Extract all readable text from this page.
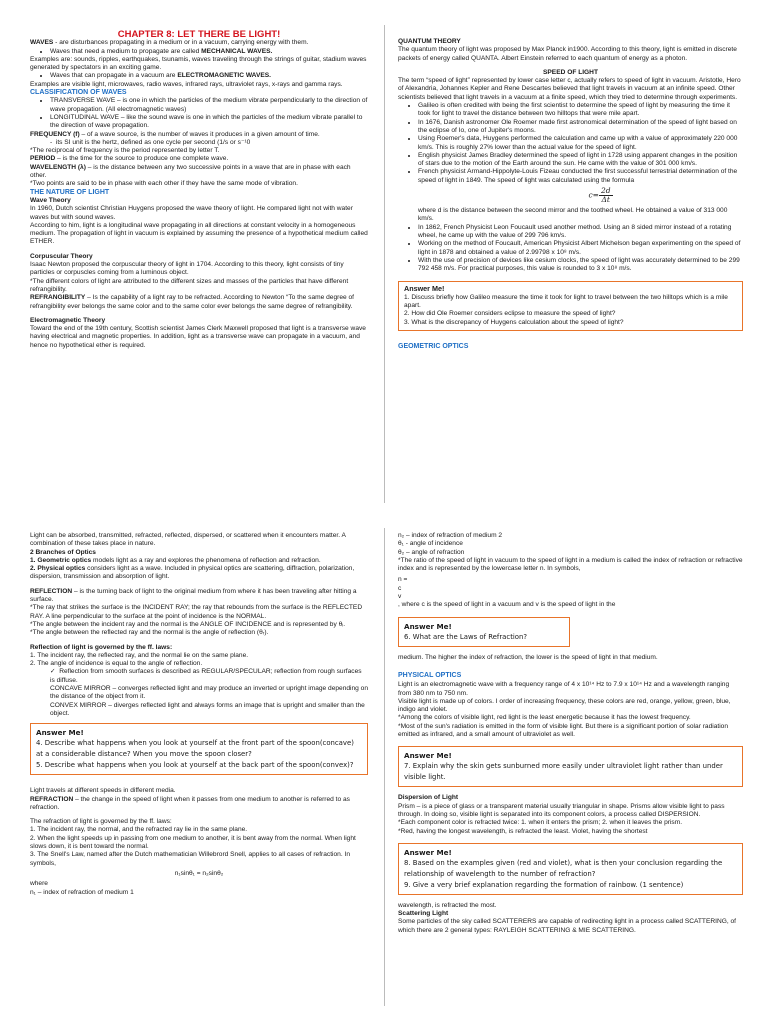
CHAPTER 8: LET THERE BE LIGHT!

WAVES - are disturbances propagating in a medium or in a vacuum, carrying energy with them.

• Waves that need a medium to propagate are called MECHANICAL WAVES.

Examples are: sounds, ripples, earthquakes, tsunamis, waves traveling through the strings of guitar, stadium waves generated by spectators in an exciting game.

• Waves that can propagate in a vacuum are ELECTROMAGNETIC WAVES.

Examples are visible light, microwaves, radio waves, infrared rays, ultraviolet rays, x-rays and gamma rays.

CLASSIFICATION OF WAVES

• TRANSVERSE WAVE – is one in which the particles of the medium vibrate perpendicularly to the direction of wave propagation. (All electromagnetic waves)
• LONGITUDINAL WAVE – like the sound wave is one in which the particles of the medium vibrate parallel to the direction of wave propagation.

FREQUENCY (f) – of a wave source, is the number of waves it produces in a given amount of time.

-  its SI unit is the hertz, defined as one cycle per second (1/s or s⁻¹0

*The reciprocal of frequency is the period represented by letter T.

PERIOD – is the time for the source to produce one complete wave.

WAVELENGTH (λ) – is the distance between any two successive points in a wave that are in phase with each other.

*Two points are said to be in phase with each other if they have the same mode of vibration.

THE NATURE OF LIGHT

Wave Theory

In 1960, Dutch scientist Christian Huygens proposed the wave theory of light. He compared light not with water waves but with sound waves.

According to him, light is a longitudinal wave propagating in all directions at constant velocity in a homogeneous medium. The propagation of light in vacuum is explained by assuming the presence of a hypothetical medium called ETHER.

Corpuscular Theory

Isaac Newton proposed the corpuscular theory of light in 1704. According to this theory, light consists of tiny particles or corpuscles coming from a luminous object.

*The different colors of light are attributed to the different sizes and masses of the particles that have different refrangibility.

REFRANGIBILITY – Is the capability of a light ray to be refracted. According to Newton “To the same degree of refrangibility ever belongs the same color and to the same color ever belongs the same degree of refrangibility.

Electromagnetic Theory

Toward the end of the 19th century, Scottish scientist James Clerk Maxwell proposed that light is a transverse wave having electrical and magnetic properties. In addition, light as a transverse wave can propagate in a vacuum, and hence no hypothetical ether is required.

QUANTUM THEORY

The quantum theory of light was proposed by Max Planck in1900. According to this theory, light is emitted in discrete packets of energy called QUANTA. Albert Einstein referred to each quantum of energy as a photon.

SPEED OF LIGHT

The term “speed of light” represented by lower case letter c, actually refers to speed of light in vacuum. Aristotle, Hero of Alexandria, Johannes Kepler and Rene Descartes believed that light travels in vacuum at an infinite speed. Other scientists believed that light travels in a vacuum at a finite speed, which they tried to determine through experiments.

• Galileo is often credited with being the first scientist to determine the speed of light by measuring the time it took for light to travel the distance between two hilltops that were mile apart.
• In 1676, Danish astronomer Ole Roemer made first astronomical determination of the speed of light based on the eclipse of Io, one of Jupiter's moons.
• Using Roemer's data, Huygens performed the calculation and came up with a value of approximately 220 000 km/s. This is roughly 27% lower than the actual value for the speed of light.
• English physicist James Bradley determined the speed of light in 1728 using apparent changes in the position of stars due to the motion of the Earth around the sun. He came with the value of 301 000 km/s.
• French physicist Armand-Hippolyte-Louis Fizeau conducted the first successful terrestrial determination of the speed of light in 1849. The speed of light was calculated using the formula
$c= \frac{2d}{\Delta t}$
where d is the distance between the second mirror and the toothed wheel. He obtained a value of 313 000 km/s.
• In 1862, French Physicist Leon Foucault used another method. Using an 8 sided mirror instead of a rotating wheel, he came up with the value of 299 796 km/s.
• Working on the method of Foucault, American Physicist Albert Michelson began experimenting on the speed of light in 1878 and obtained a value of 2.99798 x 10⁸ m/s.
• With the use of precision of devices like cesium clocks, the speed of light was accurately determined to be 299 792 458 m/s. For practical purposes, this value is rounded to 3 x 10⁸ m/s.

Answer Me!

1. Discuss briefly how Galileo measure the time it took for light to travel between the two hilltops which is a mile apart.

2. How did Ole Roemer considers eclipse to measure the speed of light?

3. What is the discrepancy of Huygens calculation about the speed of light?

GEOMETRIC OPTICS

Light can be absorbed, transmitted, refracted, reflected, dispersed, or scattered when it encounters matter. A combination of these takes place in nature.

2 Branches of Optics

1. Geometric optics models light as a ray and explores the phenomena of reflection and refraction.

2. Physical optics considers light as a wave. Included in physical optics are scattering, diffraction, polarization, dispersion, transmission and absorption of light.

REFLECTION – is the turning back of light to the original medium from where it has been traveling after hitting a surface.

*The ray that strikes the surface is the INCIDENT RAY; the ray that rebounds from the surface is the REFLECTED RAY. A line perpendicular to the surface at the point of incidence is the NORMAL.

*The angle between the incident ray and the normal is the ANGLE OF INCIDENCE and is represented by θᵢ.

*The angle between the reflected ray and the normal is the angle of reflection (θᵣ).

Reflection of light is governed by the ff. laws:

1. The incident ray, the reflected ray, and the normal lie on the same plane.

2. The angle of incidence is equal to the angle of reflection.

✓ Reflection from smooth surfaces is described as REGULAR/SPECULAR; reflection from rough surfaces is diffuse.

CONCAVE MIRROR – converges reflected light and may produce an inverted or upright image depending on the distance of the object from it.

CONVEX MIRROR – diverges reflected light and always forms an image that is upright and smaller than the object.

Answer Me!

4. Describe what happens when you look at yourself at the front part of the spoon(concave) at a considerable distance? When you move the spoon closer?

5. Describe what happens when you look at yourself at the back part of the spoon(convex)?

Light travels at different speeds in different media.

REFRACTION – the change in the speed of light when it passes from one medium to another is referred to as refraction.

The refraction of light is governed by the ff. laws:

1. The incident ray, the normal, and the refracted ray lie in the same plane.

2. When the light speeds up in passing from one medium to another, it is bent away from the normal. When light slows down, it is bent toward the normal.

3. The Snell's Law, named after the Dutch mathematician Willebrord Snell, applies to all cases of refraction. In symbols,

n₁sinθ₁ = n₂sinθ₂

where

n₁ – index of refraction of medium 1

n₂ – index of refraction of medium 2

θ₁ - angle of incidence

θ₂ – angle of refraction

*The ratio of the speed of light in vacuum to the speed of light in a medium is called the index of refraction or refractive index and is represented by the lowercase letter n. In symbols,

n =

c
v
, where c is the speed of light in a vacuum and v is the speed of light in the

Answer Me!

6. What are the Laws of Refraction?

medium. The higher the index of refraction, the lower is the speed of light in that medium.

PHYSICAL OPTICS

Light is an electromagnetic wave with a frequency range of 4 x 10¹⁴ Hz to 7.9 x 10¹⁴ Hz and a wavelength ranging from 380 nm to 750 nm.

Visible light is made up of colors. I order of increasing frequency, these colors are red, orange, yellow, green, blue, indigo and violet.

*Among the colors of visible light, red light is the least energetic because it has the lowest frequency.

*Most of the sun's radiation is emitted in the form of visible light. But there is a significant portion of solar radiation emitted as infrared, and a small amount of ultraviolet as well.

Answer Me!

7. Explain why the skin gets sunburned more easily under ultraviolet light rather than under visible light.

Dispersion of Light

Prism – is a piece of glass or a transparent material usually triangular in shape. Prisms allow visible light to pass through. In doing so, visible light is separated into its component colors, a process called DISPERSION.

*Each component color is refracted twice: 1. when it enters the prism; 2. when it leaves the prism.

*Red, having the longest wavelength, is refracted the least. Violet, having the shortest

Answer Me!

8. Based on the examples given (red and violet), what is then your conclusion regarding the relationship of wavelength to the number of refraction?

9. Give a very brief explanation regarding the formation of rainbow. (1 sentence)

wavelength, is refracted the most.

Scattering Light

Some particles of the sky called SCATTERERS are capable of redirecting light in a process called SCATTERING, of which there are 2 general types: RAYLEIGH SCATTERING & MIE SCATTERING.
